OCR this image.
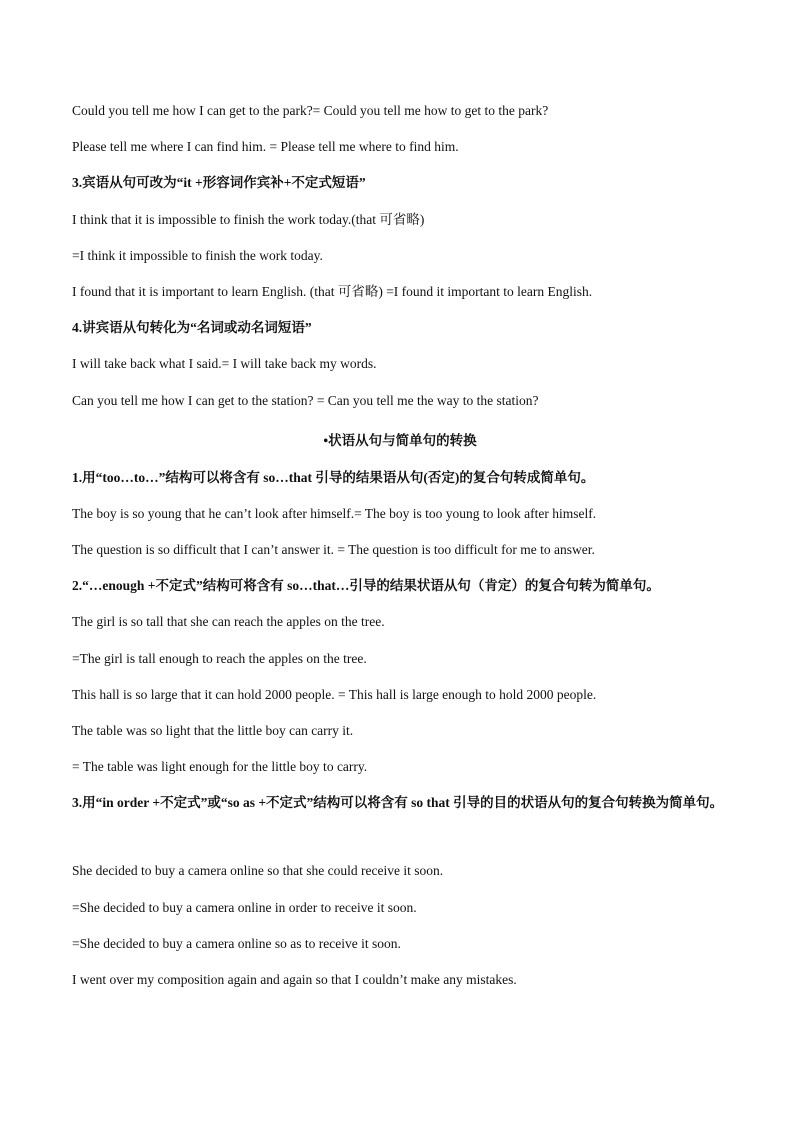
Could you tell me how I can get to the park?= Could you tell me how to get to the park?
Please tell me where I can find him. = Please tell me where to find him.
3.宾语从句可改为“it +形容词作宾补+不定式短语”
I think that it is impossible to finish the work today.(that 可省略)
=I think it impossible to finish the work today.
I found that it is important to learn English. (that 可省略) =I found it important to learn English.
4.讲宾语从句转化为“名词或动名词短语”
I will take back what I said.= I will take back my words.
Can you tell me how I can get to the station? = Can you tell me the way to the station?
•状语从句与简单句的转换
1.用“too…to…”结构可以将含有 so…that 引导的结果语从句(否定)的复合句转成简单句。
The boy is so young that he can’t look after himself.= The boy is too young to look after himself.
The question is so difficult that I can’t answer it. = The question is too difficult for me to answer.
2.“…enough +不定式”结构可将含有 so…that…引导的结果状语从句（肯定）的复合句转为简单句。
The girl is so tall that she can reach the apples on the tree.
=The girl is tall enough to reach the apples on the tree.
This hall is so large that it can hold 2000 people. = This hall is large enough to hold 2000 people.
The table was so light that the little boy can carry it.
= The table was light enough for the little boy to carry.
3.用“in order +不定式”或“so as +不定式”结构可以将含有 so that 引导的目的状语从句的复合句转换为简单句。
She decided to buy a camera online so that she could receive it soon.
=She decided to buy a camera online in order to receive it soon.
=She decided to buy a camera online so as to receive it soon.
I went over my composition again and again so that I couldn’t make any mistakes.
